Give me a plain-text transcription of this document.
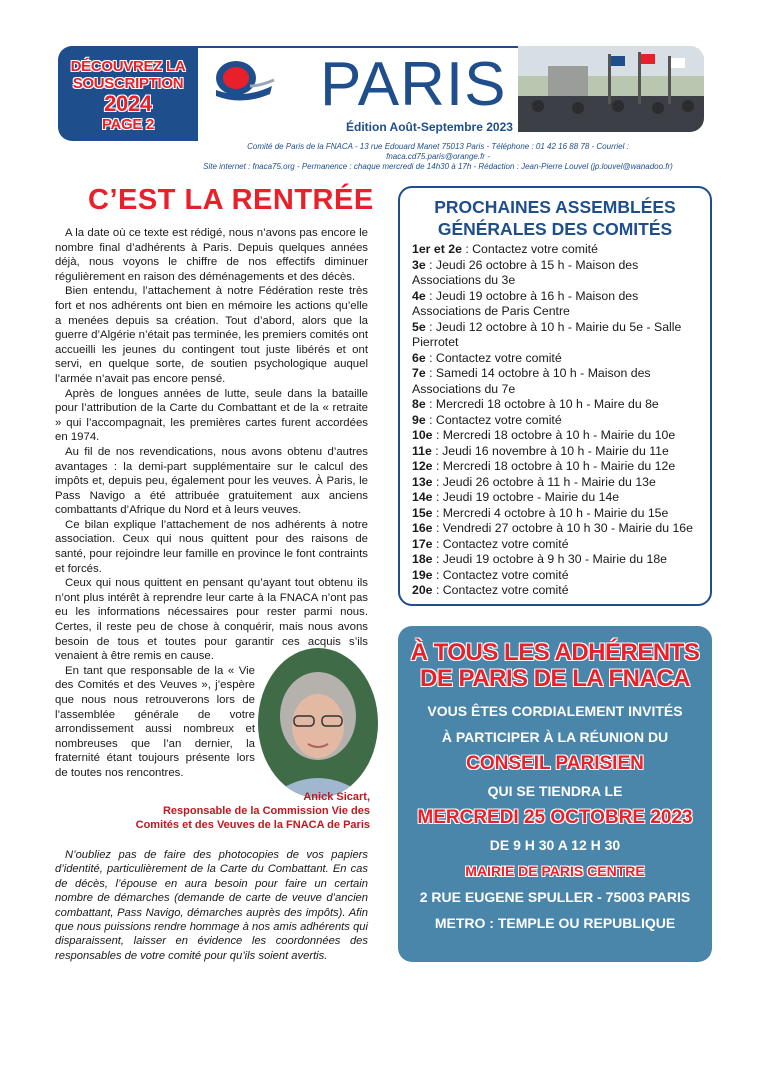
DÉCOUVREZ LA
SOUSCRIPTION
2024
PAGE 2
PARIS
Édition Août-Septembre 2023
Comité de Paris de la FNACA - 13 rue Edouard Manet 75013 Paris - Téléphone : 01 42 16 88 78 - Courriel : fnaca.cd75.paris@orange.fr -
Site internet : fnaca75.org - Permanence : chaque mercredi de 14h30 à 17h - Rédaction : Jean-Pierre Louvel (jp.louvel@wanadoo.fr)
C’EST LA RENTRÉE

A la date où ce texte est rédigé, nous n’avons pas encore le nombre final d’adhérents à Paris. Depuis quelques années déjà, nous voyons le chiffre de nos effectifs diminuer régulièrement en raison des déménagements et des décès.

Bien entendu, l’attachement à notre Fédération reste très fort et nos adhérents ont bien en mémoire les actions qu’elle a menées depuis sa création. Tout d’abord, alors que la guerre d’Algérie n’était pas terminée, les premiers comités ont accueilli les jeunes du contingent tout juste libérés et ont servi, en quelque sorte, de soutien psychologique auquel l’armée n’avait pas encore pensé.

Après de longues années de lutte, seule dans la bataille pour l’attribution de la Carte du Combattant et de la « retraite » qui l’accompagnait, les premières cartes furent accordées en 1974.

Au fil de nos revendications, nous avons obtenu d’autres avantages : la demi-part supplémentaire sur le calcul des impôts et, depuis peu, également pour les veuves. À Paris, le Pass Navigo a été attribuée gratuitement aux anciens combattants d’Afrique du Nord et à leurs veuves.

Ce bilan explique l’attachement de nos adhérents à notre association. Ceux qui nous quittent pour des raisons de santé, pour rejoindre leur famille en province le font contraints et forcés.

Ceux qui nous quittent en pensant qu’ayant tout obtenu ils n’ont plus intérêt à reprendre leur carte à la FNACA n’ont pas eu les informations nécessaires pour rester parmi nous. Certes, il reste peu de chose à conquérir, mais nous avons besoin de tous et toutes pour garantir ces acquis s’ils venaient à être remis en cause.

En tant que responsable de la « Vie des Comités et des Veuves », j’espère que nous nous retrouverons lors de l’assemblée générale de votre arrondissement aussi nombreux et nombreuses que l’an dernier, la fraternité étant toujours présente lors de toutes nos rencontres.

Anick Sicart,
Responsable de la Commission Vie des
Comités et des Veuves de la FNACA de Paris

N’oubliez pas de faire des photocopies de vos papiers d’identité, particulièrement de la Carte du Combattant. En cas de décès, l’épouse en aura besoin pour faire un certain nombre de démarches (demande de carte de veuve d’ancien combattant, Pass Navigo, démarches auprès des impôts). Afin que nous puissions rendre hommage à nos amis adhérents qui disparaissent, laisser en évidence les coordonnées des responsables de votre comité pour qu’ils soient avertis.

PROCHAINES ASSEMBLÉES
GÉNÉRALES DES COMITÉS
1er et 2e : Contactez votre comité
3e : Jeudi 26 octobre à 15 h - Maison des Associations du 3e
4e : Jeudi 19 octobre à 16 h - Maison des Associations de Paris Centre
5e : Jeudi 12 octobre à 10 h - Mairie du 5e - Salle Pierrotet
6e : Contactez votre comité
7e : Samedi 14 octobre à 10 h - Maison des Associations du 7e
8e : Mercredi 18 octobre à 10 h - Maire du 8e
9e : Contactez votre comité
10e : Mercredi 18 octobre à 10 h - Mairie du 10e
11e : Jeudi 16 novembre à 10 h - Mairie du 11e
12e : Mercredi 18 octobre à 10 h - Mairie du 12e
13e : Jeudi 26 octobre à 11 h - Mairie du 13e
14e : Jeudi 19 octobre - Mairie du 14e
15e : Mercredi 4 octobre à 10 h - Mairie du 15e
16e : Vendredi 27 octobre à 10 h 30 - Mairie du 16e
17e : Contactez votre comité
18e : Jeudi 19 octobre à 9 h 30 - Mairie du 18e
19e : Contactez votre comité
20e : Contactez votre comité
À TOUS LES ADHÉRENTS
DE PARIS DE LA FNACA
VOUS ÊTES CORDIALEMENT INVITÉS
À PARTICIPER À LA RÉUNION DU
CONSEIL PARISIEN
QUI SE TIENDRA LE
MERCREDI 25 OCTOBRE 2023
DE 9 H 30 A 12 H 30
MAIRIE DE PARIS CENTRE
2 RUE EUGENE SPULLER - 75003 PARIS
METRO : TEMPLE OU REPUBLIQUE
